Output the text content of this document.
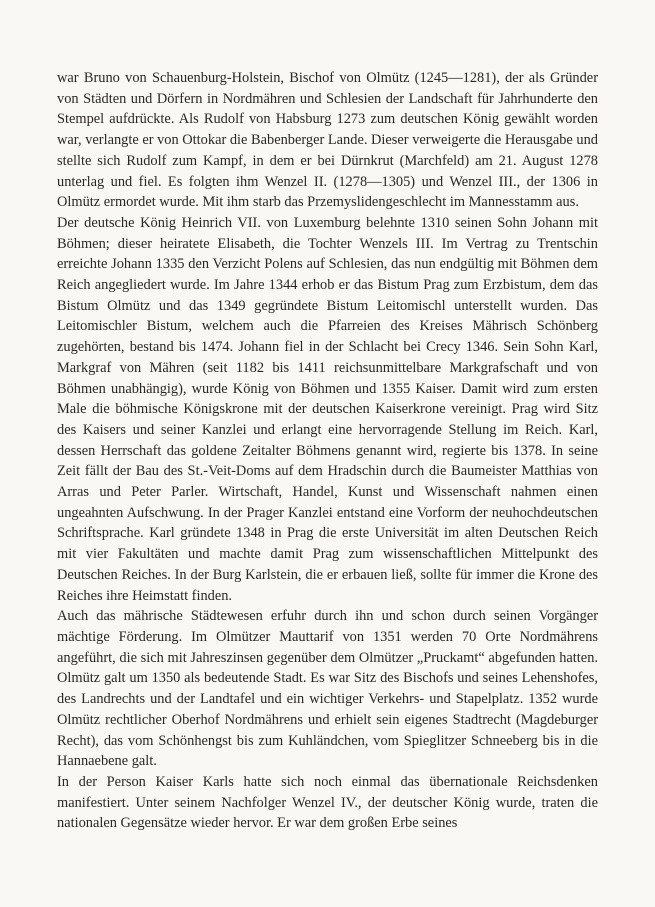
war Bruno von Schauenburg-Holstein, Bischof von Olmütz (1245—1281), der als Gründer von Städten und Dörfern in Nordmähren und Schlesien der Landschaft für Jahrhunderte den Stempel aufdrückte. Als Rudolf von Habsburg 1273 zum deutschen König gewählt worden war, verlangte er von Ottokar die Babenberger Lande. Dieser verweigerte die Herausgabe und stellte sich Rudolf zum Kampf, in dem er bei Dürnkrut (Marchfeld) am 21. August 1278 unterlag und fiel. Es folgten ihm Wenzel II. (1278—1305) und Wenzel III., der 1306 in Olmütz ermordet wurde. Mit ihm starb das Przemyslidengeschlecht im Mannesstamm aus.

Der deutsche König Heinrich VII. von Luxemburg belehnte 1310 seinen Sohn Johann mit Böhmen; dieser heiratete Elisabeth, die Tochter Wenzels III. Im Vertrag zu Trentschin erreichte Johann 1335 den Verzicht Polens auf Schlesien, das nun endgültig mit Böhmen dem Reich angegliedert wurde. Im Jahre 1344 erhob er das Bistum Prag zum Erzbistum, dem das Bistum Olmütz und das 1349 gegründete Bistum Leitomischl unterstellt wurden. Das Leitomischler Bistum, welchem auch die Pfarreien des Kreises Mährisch Schönberg zugehörten, bestand bis 1474. Johann fiel in der Schlacht bei Crecy 1346. Sein Sohn Karl, Markgraf von Mähren (seit 1182 bis 1411 reichsunmittelbare Markgrafschaft und von Böhmen unabhängig), wurde König von Böhmen und 1355 Kaiser. Damit wird zum ersten Male die böhmische Königskrone mit der deutschen Kaiserkrone vereinigt. Prag wird Sitz des Kaisers und seiner Kanzlei und erlangt eine hervorragende Stellung im Reich. Karl, dessen Herrschaft das goldene Zeitalter Böhmens genannt wird, regierte bis 1378. In seine Zeit fällt der Bau des St.-Veit-Doms auf dem Hradschin durch die Baumeister Matthias von Arras und Peter Parler. Wirtschaft, Handel, Kunst und Wissenschaft nahmen einen ungeahnten Aufschwung. In der Prager Kanzlei entstand eine Vorform der neuhochdeutschen Schriftsprache. Karl gründete 1348 in Prag die erste Universität im alten Deutschen Reich mit vier Fakultäten und machte damit Prag zum wissenschaftlichen Mittelpunkt des Deutschen Reiches. In der Burg Karlstein, die er erbauen ließ, sollte für immer die Krone des Reiches ihre Heimstatt finden.

Auch das mährische Städtewesen erfuhr durch ihn und schon durch seinen Vorgänger mächtige Förderung. Im Olmützer Mauttarif von 1351 werden 70 Orte Nordmährens angeführt, die sich mit Jahreszinsen gegenüber dem Olmützer „Pruckamt“ abgefunden hatten. Olmütz galt um 1350 als bedeutende Stadt. Es war Sitz des Bischofs und seines Lehenshofes, des Landrechts und der Landtafel und ein wichtiger Verkehrs- und Stapelplatz. 1352 wurde Olmütz rechtlicher Oberhof Nordmährens und erhielt sein eigenes Stadtrecht (Magdeburger Recht), das vom Schönhengst bis zum Kuhländchen, vom Spieglitzer Schneeberg bis in die Hannaebene galt.

In der Person Kaiser Karls hatte sich noch einmal das übernationale Reichsdenken manifestiert. Unter seinem Nachfolger Wenzel IV., der deutscher König wurde, traten die nationalen Gegensätze wieder hervor. Er war dem großen Erbe seines
